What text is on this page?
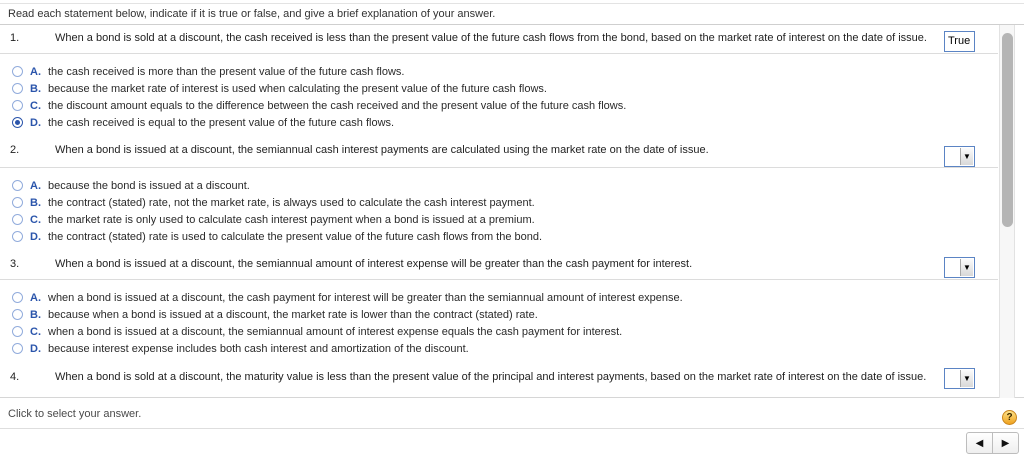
Read each statement below, indicate if it is true or false, and give a brief explanation of your answer.
1.	When a bond is sold at a discount, the cash received is less than the present value of the future cash flows from the bond, based on the market rate of interest on the date of issue.	True
A. the cash received is more than the present value of the future cash flows.
B. because the market rate of interest is used when calculating the present value of the future cash flows.
C. the discount amount equals to the difference between the cash received and the present value of the future cash flows.
D. the cash received is equal to the present value of the future cash flows.
2.	When a bond is issued at a discount, the semiannual cash interest payments are calculated using the market rate on the date of issue.
▼
A. because the bond is issued at a discount.
B. the contract (stated) rate, not the market rate, is always used to calculate the cash interest payment.
C. the market rate is only used to calculate cash interest payment when a bond is issued at a premium.
D. the contract (stated) rate is used to calculate the present value of the future cash flows from the bond.
3.	When a bond is issued at a discount, the semiannual amount of interest expense will be greater than the cash payment for interest.	▼
A. when a bond is issued at a discount, the cash payment for interest will be greater than the semiannual amount of interest expense.
B. because when a bond is issued at a discount, the market rate is lower than the contract (stated) rate.
C. when a bond is issued at a discount, the semiannual amount of interest expense equals the cash payment for interest.
D. because interest expense includes both cash interest and amortization of the discount.
4.	When a bond is sold at a discount, the maturity value is less than the present value of the principal and interest payments, based on the market rate of interest on the date of issue.	▼
Click to select your answer.	?
◀ ▶
